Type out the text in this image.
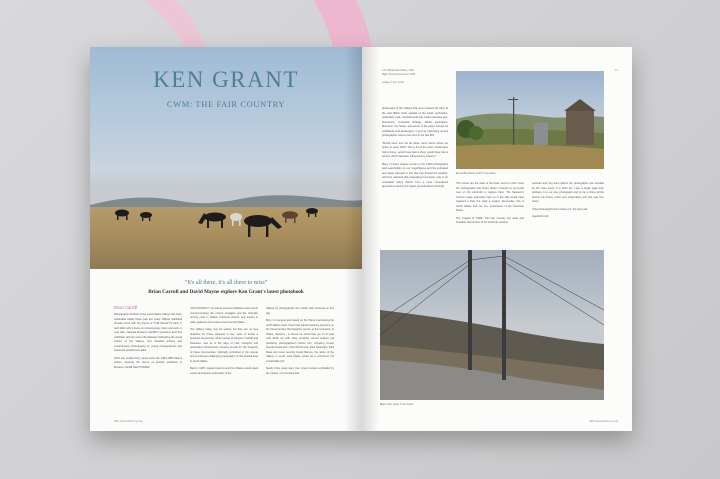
KEN GRANT
CWM: THE FAIR COUNTRY
“It's all there, it's all there to miss”
Brian Carroll and David Mayne explore Ken Grant's latest photobook
Brian Carroll

Photography Festival of the south Wales Valleys has been celebrated widely these past few years. Diffuse individual threads come with the theme of 'THE VALLEYS' back in April 2021 with a focus on contemporary vision and work. A year later, National Museum Cardiff's impressive land first exhibition with the same title followed celebrating the visual culture of the Valleys, and included archive and contemporary photographs by young photographers and seasoned practitioners alike.

2023 has studied forty years since the 1984-1985 Miners strikes, inspiring the theme of another exhibition in Museum Cardiff titled 'STRIKE!'

AS AUTHORS IT, as well as several exhibitions and events commemorating the miners' struggles and the dramatic turning point in Wales' industrial closure and impact in wider galleries and venues around south Wales.

The Valleys today may be quieter but they are no less attractive for those choosing to live, work, or locate a business beyond the urban sprawl of Newport, Cardiff and Swansea. Just as in the days of coal, transport and associated infrastructure remains pivotal for the longevity of these communities, strikingly embodied in the unique and sometimes challenging topography of this special area in South Wales.

Back in 1987, regular travel to and from Wales would spark a slow and steady exploration of the

Valleys by photographer Ken Grant that continues to this day.

Born in Liverpool and based on the Wirral overlooking the north Wales coast, Grant had started teaching part-time on the Documentary Photography course at the University of Wales, Newport - a course he would later go on to lead until 2019. As with other OneFilm course leaders (all practicing photographers) before him, including course founder David Hurn, Ron McCormick, Paul Seawright, Paul Reas and more recently David Barnes, the allure of the Valleys in south east Wales would be a prominent but comfortable itch.

Nearly thirty years later, Ken Grant remains enthralled by the people, communities and

RPS Journal 2024 | rps.org
Left: Blackwood Colliery, 2020
Right: Penny Rosemount, 2023

Images © Ken Grant
13
Emma Birchwood, 2003 © Ken Grant

landscapes of the Valleys that once boasted the titles of the coal 'Black Gold' capitals of the world. Authorities, particularly coal, coincided with that market decades ago. Economics, contested heritage, Welsh aspirations: Moreover, the history and sense of the place through its inhabitants and landscapes, is just as interesting as this photographer seems over time in the late 80s.

"Would there ever be all these 'cans' doors where we spoke in early 2021? 'Not a lot of the place would have had a horse, would have had a shop, would have had a school, which had been influenced by industry.'"

Many of these shapes remain in his CWM photographs (and searchable) on our mugs/figures and the cultivated and areas carousel in sun that has hosted the weather. And Ken captured that pretending to be feels, only to be unmasked where Winter from a more constrained approach to land in the higher grounds Mount through.

The horses are the stars of the book, and it is their home the photographs that Grant raises' contents to and pulls over on the windmills to capture them. The Museum's Groves image (opposite) high up in the hills would have required a look, but what a reward. Remember, this is South Wales and, for me, reminiscent of the American Plains.

The images of CWM: The Fair Country are quiet and beautiful. Remember of the book has another

revisited and dug them before the photographs are unveiled as the main event. It is short but I see a single page that, perhaps, it is our own photograph and to be to there all the photos the finest, know and observation just like real Ken Grant.

If the photographs there leave you, the story will.

Hopefully both.

Blaen Cwm upper © Ken Grant
RPS Journal 2024 | rps.org
